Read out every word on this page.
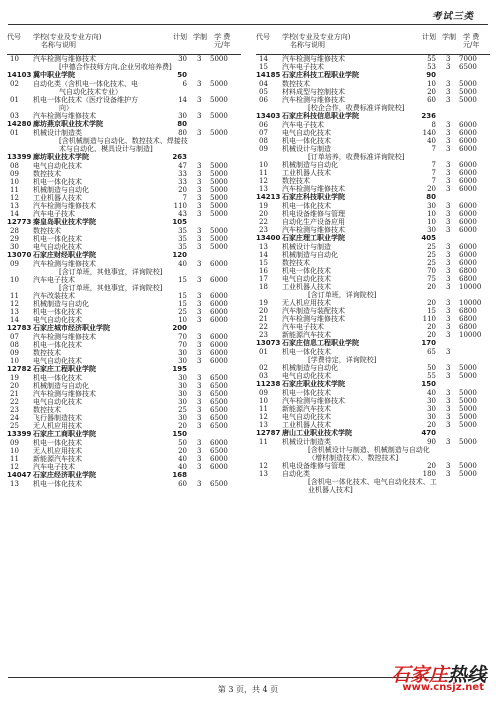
考试三类
代号 学校(专业及专业方向)
名称与说明
计划 学制 学 费
元/年
10 汽车检测与维修技术	30 3 5000
[中德合作技师方向,企业另收培养费]
14103 冀中职业学院	50
02 自动化类（含机电一体化技术、电	6 3 5000
气自动化技术专业）
01 机电一体化技术（医疗设备维护方	14 3 5000
向）
03 汽车检测与维修技术	30 3 5000
14280 廊坊燕京职业技术学院	80
01 机械设计制造类	80 3 5000
[含机械制造与自动化、数控技术、焊接技术与自动化、模具设计与制造]
13399 廊坊职业技术学院	263
08 电气自动化技术	47 3 5000
09 数控技术	33 3 5000
10 机电一体化技术	33 3 5000
11 机械制造与自动化	20 3 5000
12 工业机器人技术	7 3 5000
13 汽车检测与维修技术	110 3 5000
14 汽车电子技术	43 3 5000
12773 秦皇岛职业技术学院	105
28 数控技术	35 3 5000
29 机电一体化技术	35 3 5000
30 电气自动化技术	35 3 5000
13070 石家庄财经职业学院	120
09 汽车检测与维修技术	40 3 6000
[含订单班，其他事宜，详询院校]
10 汽车电子技术	15 3 6000
[含订单班，其他事宜，详询院校]
11 汽车改装技术	15 3 6000
12 机械制造与自动化	15 3 6000
13 机电一体化技术	25 3 6000
14 电气自动化技术	10 3 6000
12783 石家庄城市经济职业学院	200
07 汽车检测与维修技术	70 3 6000
08 机电一体化技术	70 3 6000
09 数控技术	30 3 6000
10 电气自动化技术	30 3 6000
12782 石家庄工程职业学院	195
19 机电一体化技术	30 3 6500
20 机械制造与自动化	30 3 6500
21 汽车检测与维修技术	30 3 6500
22 电气自动化技术	30 3 6500
23 数控技术	25 3 6500
24 飞行器制造技术	30 3 6500
25 无人机应用技术	20 3 6500
13399 石家庄工商职业学院	150
09 机电一体化技术	50 3 6000
10 无人机应用技术	20 3 6500
11 新能源汽车技术	40 3 6000
12 汽车电子技术	40 3 6000
14047 石家庄经济职业学院	168
13 机电一体化技术	60 3 6500
代号 学校(专业及专业方向)
名称与说明
计划 学制 学 费
元/年
14 汽车检测与维修技术	55 3 7000
15 汽车电子技术	53 3 6500
14185 石家庄科技工程职业学院	90
04 数控技术	10 3 5000
05 材料成型与控制技术	20 3 5000
06 汽车检测与维修技术	60 3 5000
[校企合作，收费标准详询院校]
13403 石家庄科技信息职业学院	236
06 汽车电子技术	8 3 6000
07 电气自动化技术	140 3 6000
08 机电一体化技术	40 3 6000
09 机械设计与制造	7 3 6000
[订单培养，收费标准详询院校]
10 机械制造与自动化	7 3 6000
11 工业机器人技术	7 3 6000
12 数控技术	7 3 6000
13 汽车检测与维修技术	20 3 6000
14213 石家庄科技职业学院	80
19 机电一体化技术	30 3 6000
20 机电设备维修与管理	10 3 6000
22 自动化生产设备应用	10 3 6000
23 汽车检测与维修技术	30 3 6000
13400 石家庄理工职业学院	405
13 机械设计与制造	25 3 6000
14 机械制造与自动化	25 3 6000
15 数控技术	25 3 6000
16 机电一体化技术	70 3 6800
17 电气自动化技术	75 3 6800
18 工业机器人技术	20 3 10000
[含订单班，详询院校]
19 无人机应用技术	20 3 10000
20 汽车制造与装配技术	15 3 6800
21 汽车检测与维修技术	110 3 6800
22 汽车电子技术	20 3 6800
23 新能源汽车技术	20 3 10000
13073 石家庄信息工程职业学院	170
01 机电一体化技术	65 3
[学费待定，详询院校]
02 机械制造与自动化	50 3 5000
03 电气自动化技术	55 3 5000
11238 石家庄职业技术学院	150
09 机电一体化技术	40 3 5000
10 汽车检测与维修技术	30 3 5000
11 新能源汽车技术	30 3 5000
12 电气自动化技术	30 3 5000
13 工业机器人技术	20 3 5000
12787 唐山工业职业技术学院	470
11 机械设计制造类	90 3 5000
[含机械设计与制造、机械制造与自动化（增材制造技术）、数控技术]
12 机电设备维修与管理	20 3 5000
13 自动化类	180 3 5000
[含机电一体化技术、电气自动化技术、工业机器人技术]
第 3 页，共 4 页
石家庄热线
www.cnsjz.net
